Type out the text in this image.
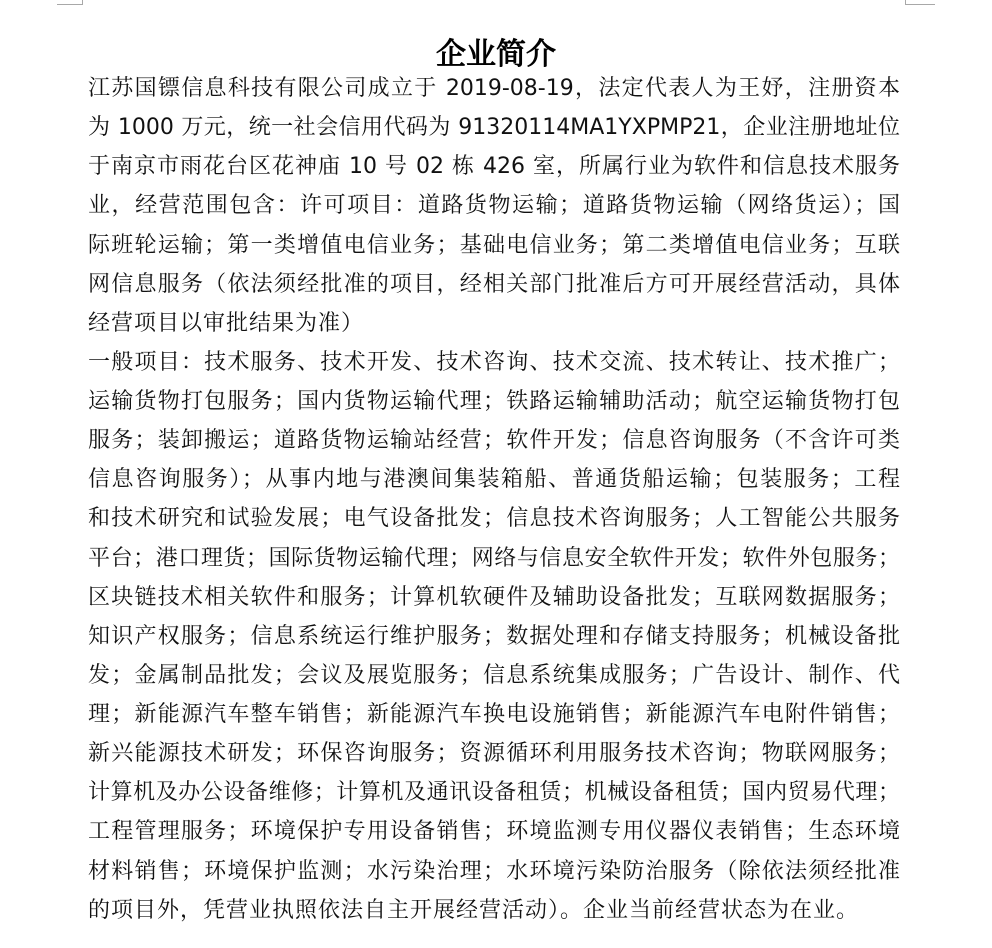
企业简介
江苏国镖信息科技有限公司成立于 2019-08-19，法定代表人为王妤，注册资本
为 1000 万元，统一社会信用代码为 91320114MA1YXPMP21，企业注册地址位
于南京市雨花台区花神庙 10 号 02 栋 426 室，所属行业为软件和信息技术服务
业，经营范围包含：许可项目：道路货物运输；道路货物运输（网络货运）；国
际班轮运输；第一类增值电信业务；基础电信业务；第二类增值电信业务；互联
网信息服务（依法须经批准的项目，经相关部门批准后方可开展经营活动，具体
经营项目以审批结果为准）
一般项目：技术服务、技术开发、技术咨询、技术交流、技术转让、技术推广；
运输货物打包服务；国内货物运输代理；铁路运输辅助活动；航空运输货物打包
服务；装卸搬运；道路货物运输站经营；软件开发；信息咨询服务（不含许可类
信息咨询服务）；从事内地与港澳间集装箱船、普通货船运输；包装服务；工程
和技术研究和试验发展；电气设备批发；信息技术咨询服务；人工智能公共服务
平台；港口理货；国际货物运输代理；网络与信息安全软件开发；软件外包服务；
区块链技术相关软件和服务；计算机软硬件及辅助设备批发；互联网数据服务；
知识产权服务；信息系统运行维护服务；数据处理和存储支持服务；机械设备批
发；金属制品批发；会议及展览服务；信息系统集成服务；广告设计、制作、代
理；新能源汽车整车销售；新能源汽车换电设施销售；新能源汽车电附件销售；
新兴能源技术研发；环保咨询服务；资源循环利用服务技术咨询；物联网服务；
计算机及办公设备维修；计算机及通讯设备租赁；机械设备租赁；国内贸易代理；
工程管理服务；环境保护专用设备销售；环境监测专用仪器仪表销售；生态环境
材料销售；环境保护监测；水污染治理；水环境污染防治服务（除依法须经批准
的项目外，凭营业执照依法自主开展经营活动）。企业当前经营状态为在业。
